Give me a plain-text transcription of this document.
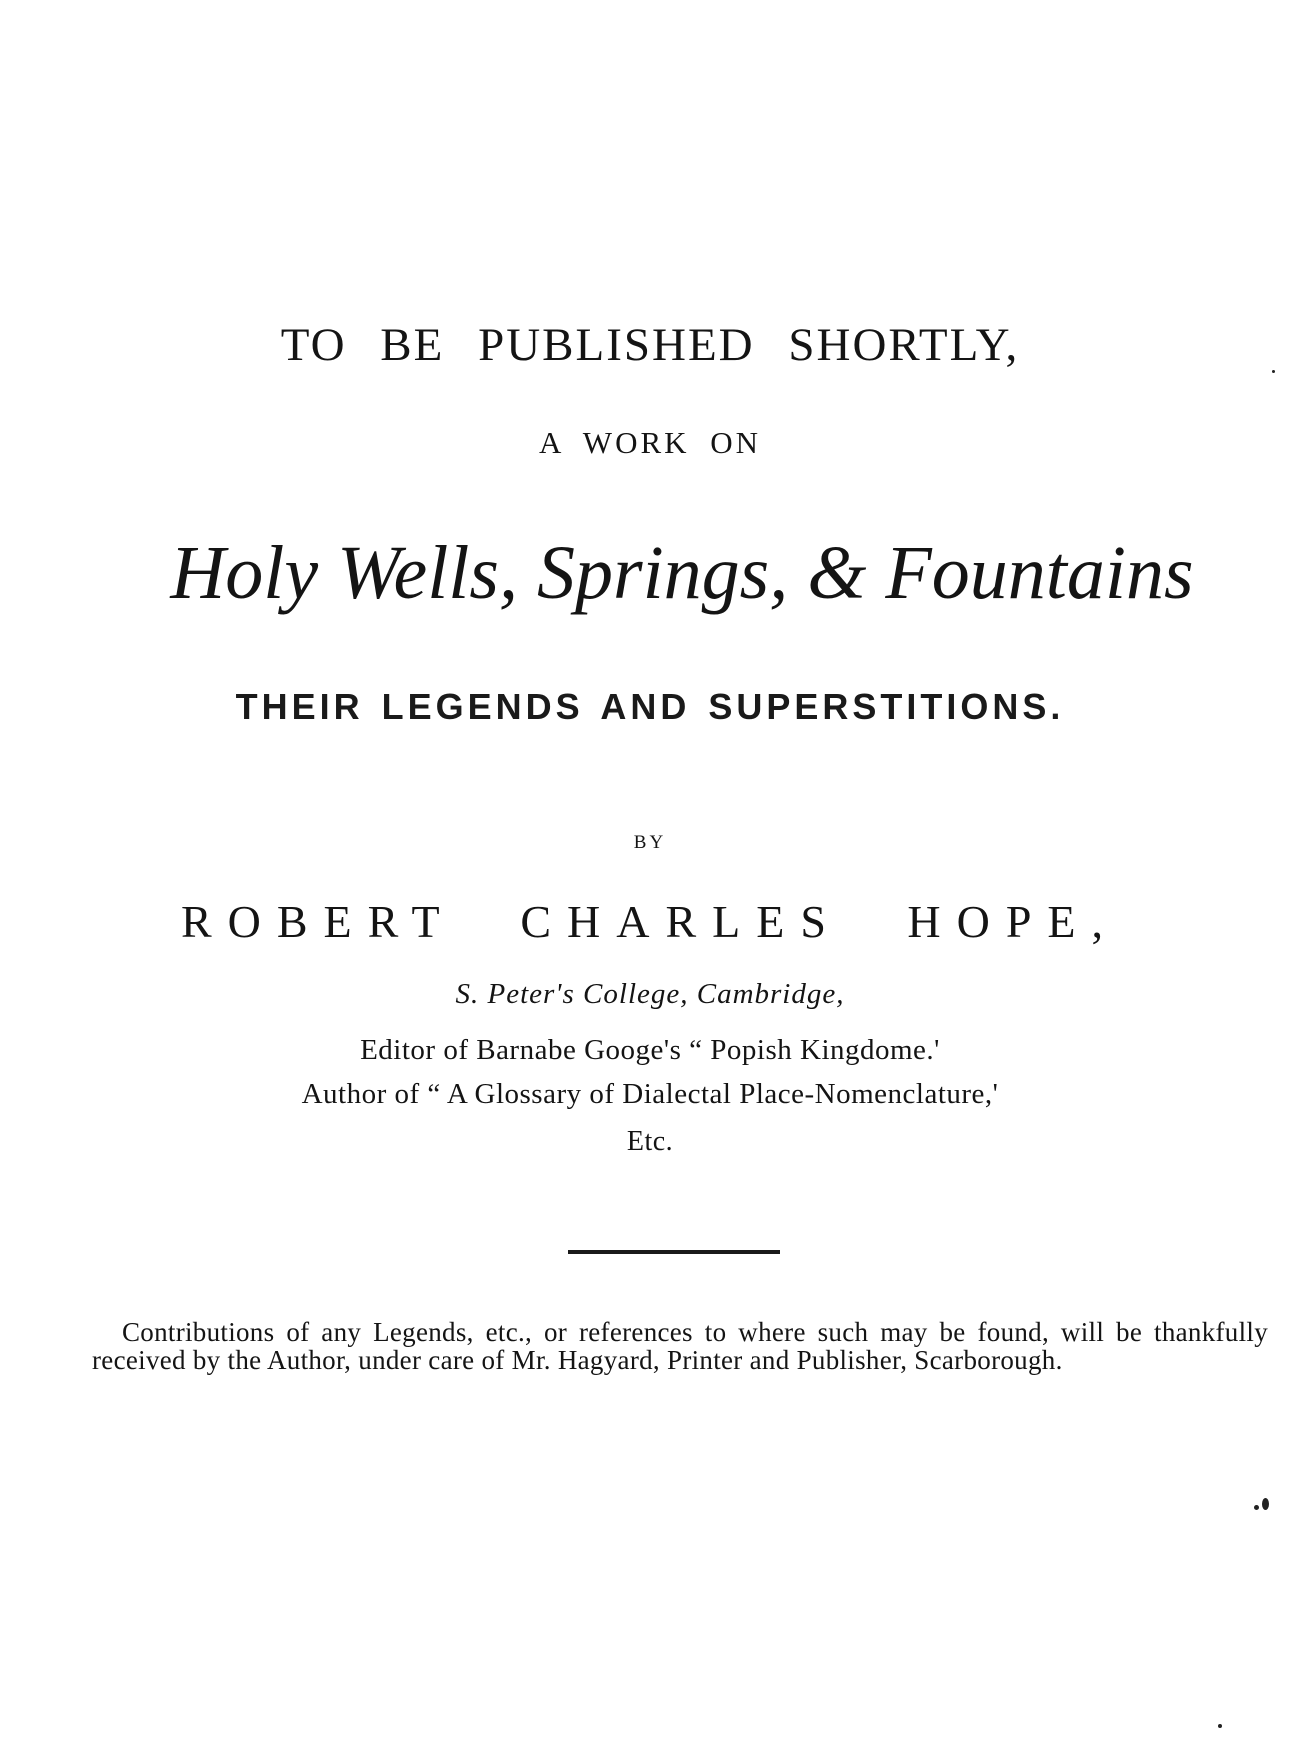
TO BE PUBLISHED SHORTLY,
A WORK ON
Holy Wells, Springs, & Fountains
THEIR LEGENDS AND SUPERSTITIONS.
BY
ROBERT CHARLES HOPE,
S. Peter's College, Cambridge,
Editor of Barnabe Googe's “ Popish Kingdome.'
Author of “ A Glossary of Dialectal Place-Nomenclature,'
Etc.
Contributions of any Legends, etc., or references to where such may be found, will be thankfully received by the Author, under care of Mr. Hagyard, Printer and Publisher, Scarborough.
